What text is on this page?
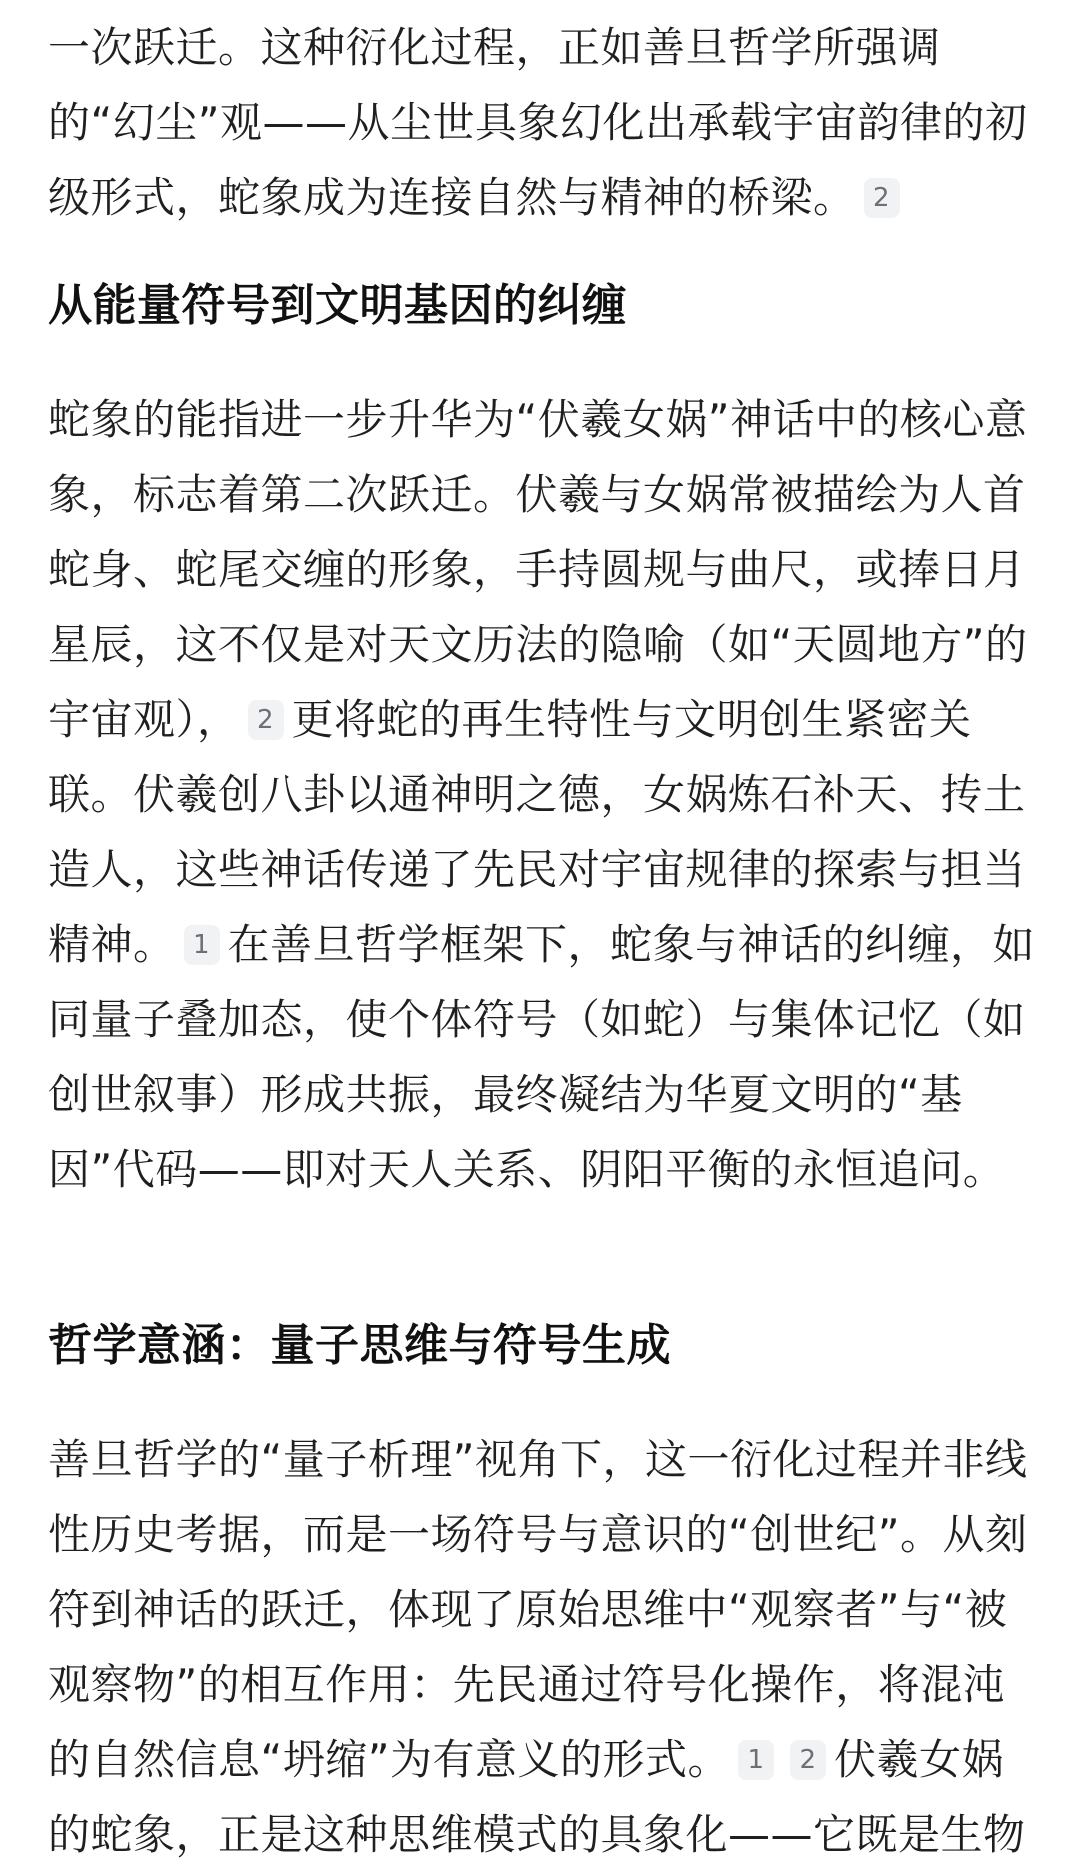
一次跃迁。这种衍化过程，正如善旦哲学所强调的“幻尘”观——从尘世具象幻化出承载宇宙韵律的初级形式，蛇象成为连接自然与精神的桥梁。 2

从能量符号到文明基因的纠缠

蛇象的能指进一步升华为“伏羲女娲”神话中的核心意象，标志着第二次跃迁。伏羲与女娲常被描绘为人首蛇身、蛇尾交缠的形象，手持圆规与曲尺，或捧日月星辰，这不仅是对天文历法的隐喻（如“天圆地方”的宇宙观）， 2 更将蛇的再生特性与文明创生紧密关联。伏羲创八卦以通神明之德，女娲炼石补天、抟土造人，这些神话传递了先民对宇宙规律的探索与担当精神。 1 在善旦哲学框架下，蛇象与神话的纠缠，如同量子叠加态，使个体符号（如蛇）与集体记忆（如创世叙事）形成共振，最终凝结为华夏文明的“基因”代码——即对天人关系、阴阳平衡的永恒追问。

哲学意涵：量子思维与符号生成

善旦哲学的“量子析理”视角下，这一衍化过程并非线性历史考据，而是一场符号与意识的“创世纪”。从刻符到神话的跃迁，体现了原始思维中“观察者”与“被观察物”的相互作用：先民通过符号化操作，将混沌的自然信息“坍缩”为有意义的形式。 1 2 伏羲女娲的蛇象，正是这种思维模式的具象化——它既是生物
